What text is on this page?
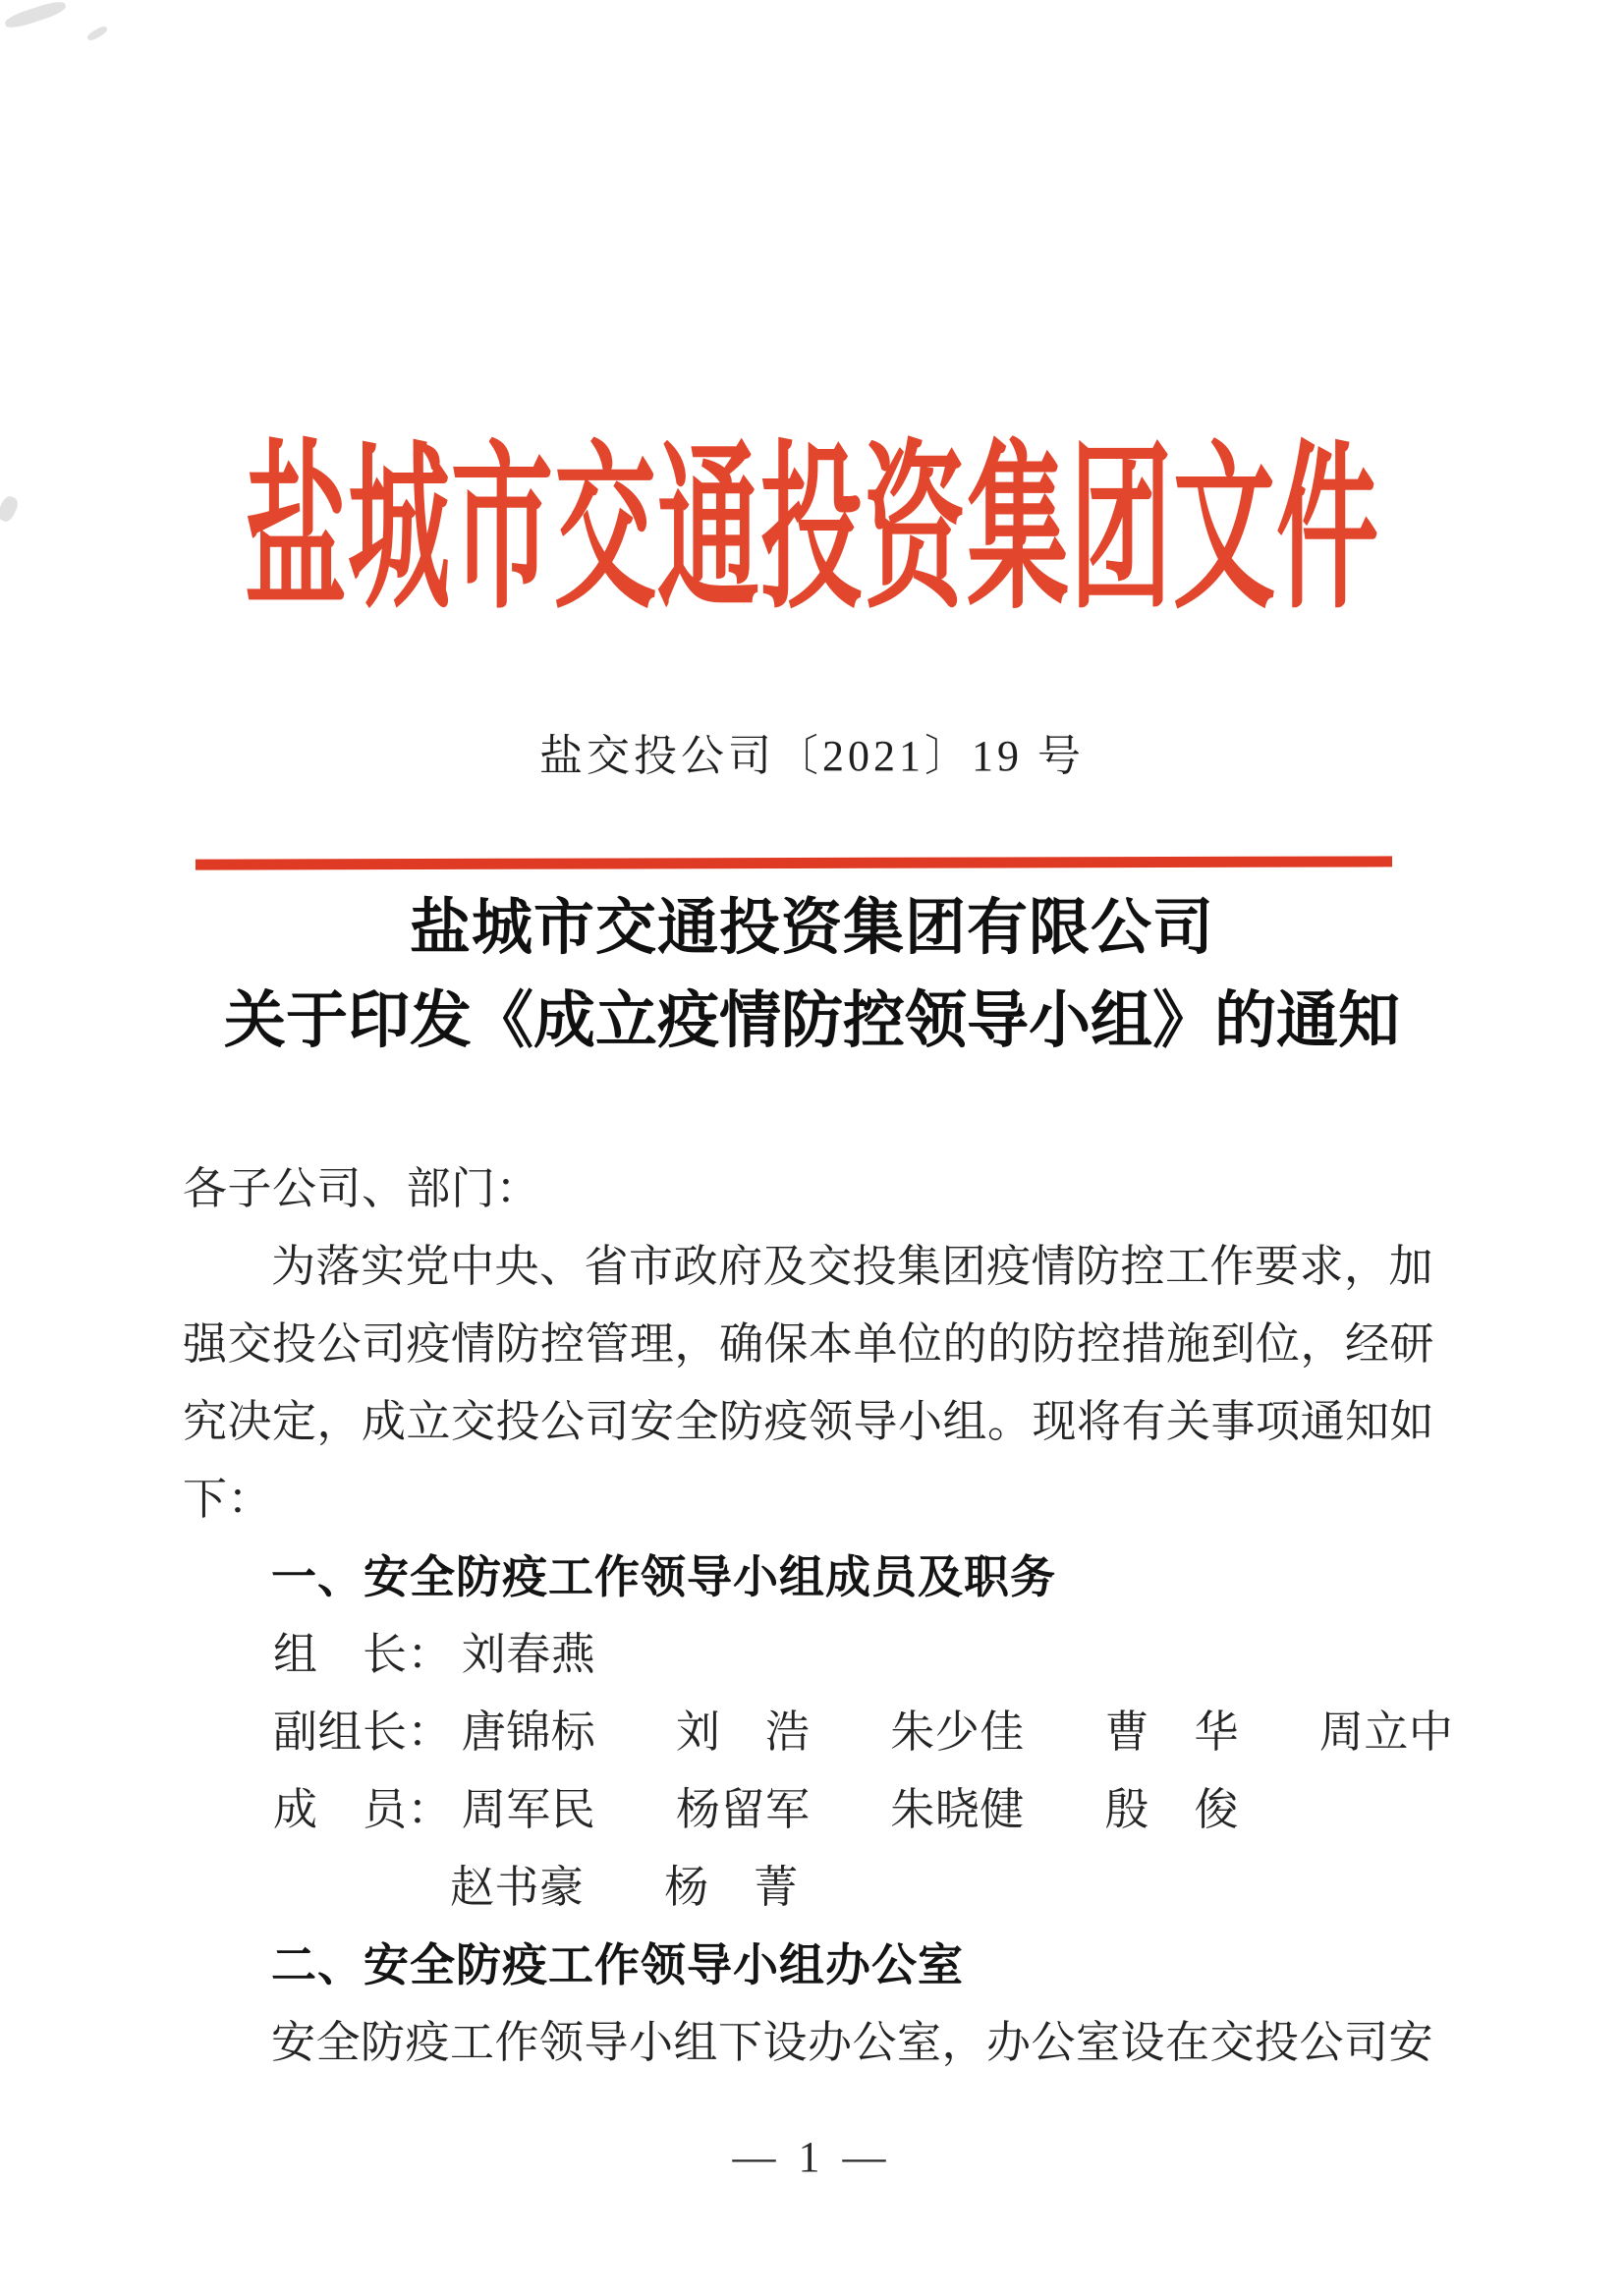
盐城市交通投资集团文件
盐交投公司〔2021〕19 号
盐城市交通投资集团有限公司
关于印发《成立疫情防控领导小组》的通知
各子公司、部门：
为落实党中央、省市政府及交投集团疫情防控工作要求，加
强交投公司疫情防控管理，确保本单位的的防控措施到位，经研
究决定，成立交投公司安全防疫领导小组。现将有关事项通知如
下：
一、安全防疫工作领导小组成员及职务
组　长： 刘春燕
副组长： 唐锦标 刘　浩 朱少佳 曹　华 周立中
成　员： 周军民 杨留军 朱晓健 殷　俊
赵书豪 杨　菁
二、安全防疫工作领导小组办公室
安全防疫工作领导小组下设办公室，办公室设在交投公司安
— 1 —
